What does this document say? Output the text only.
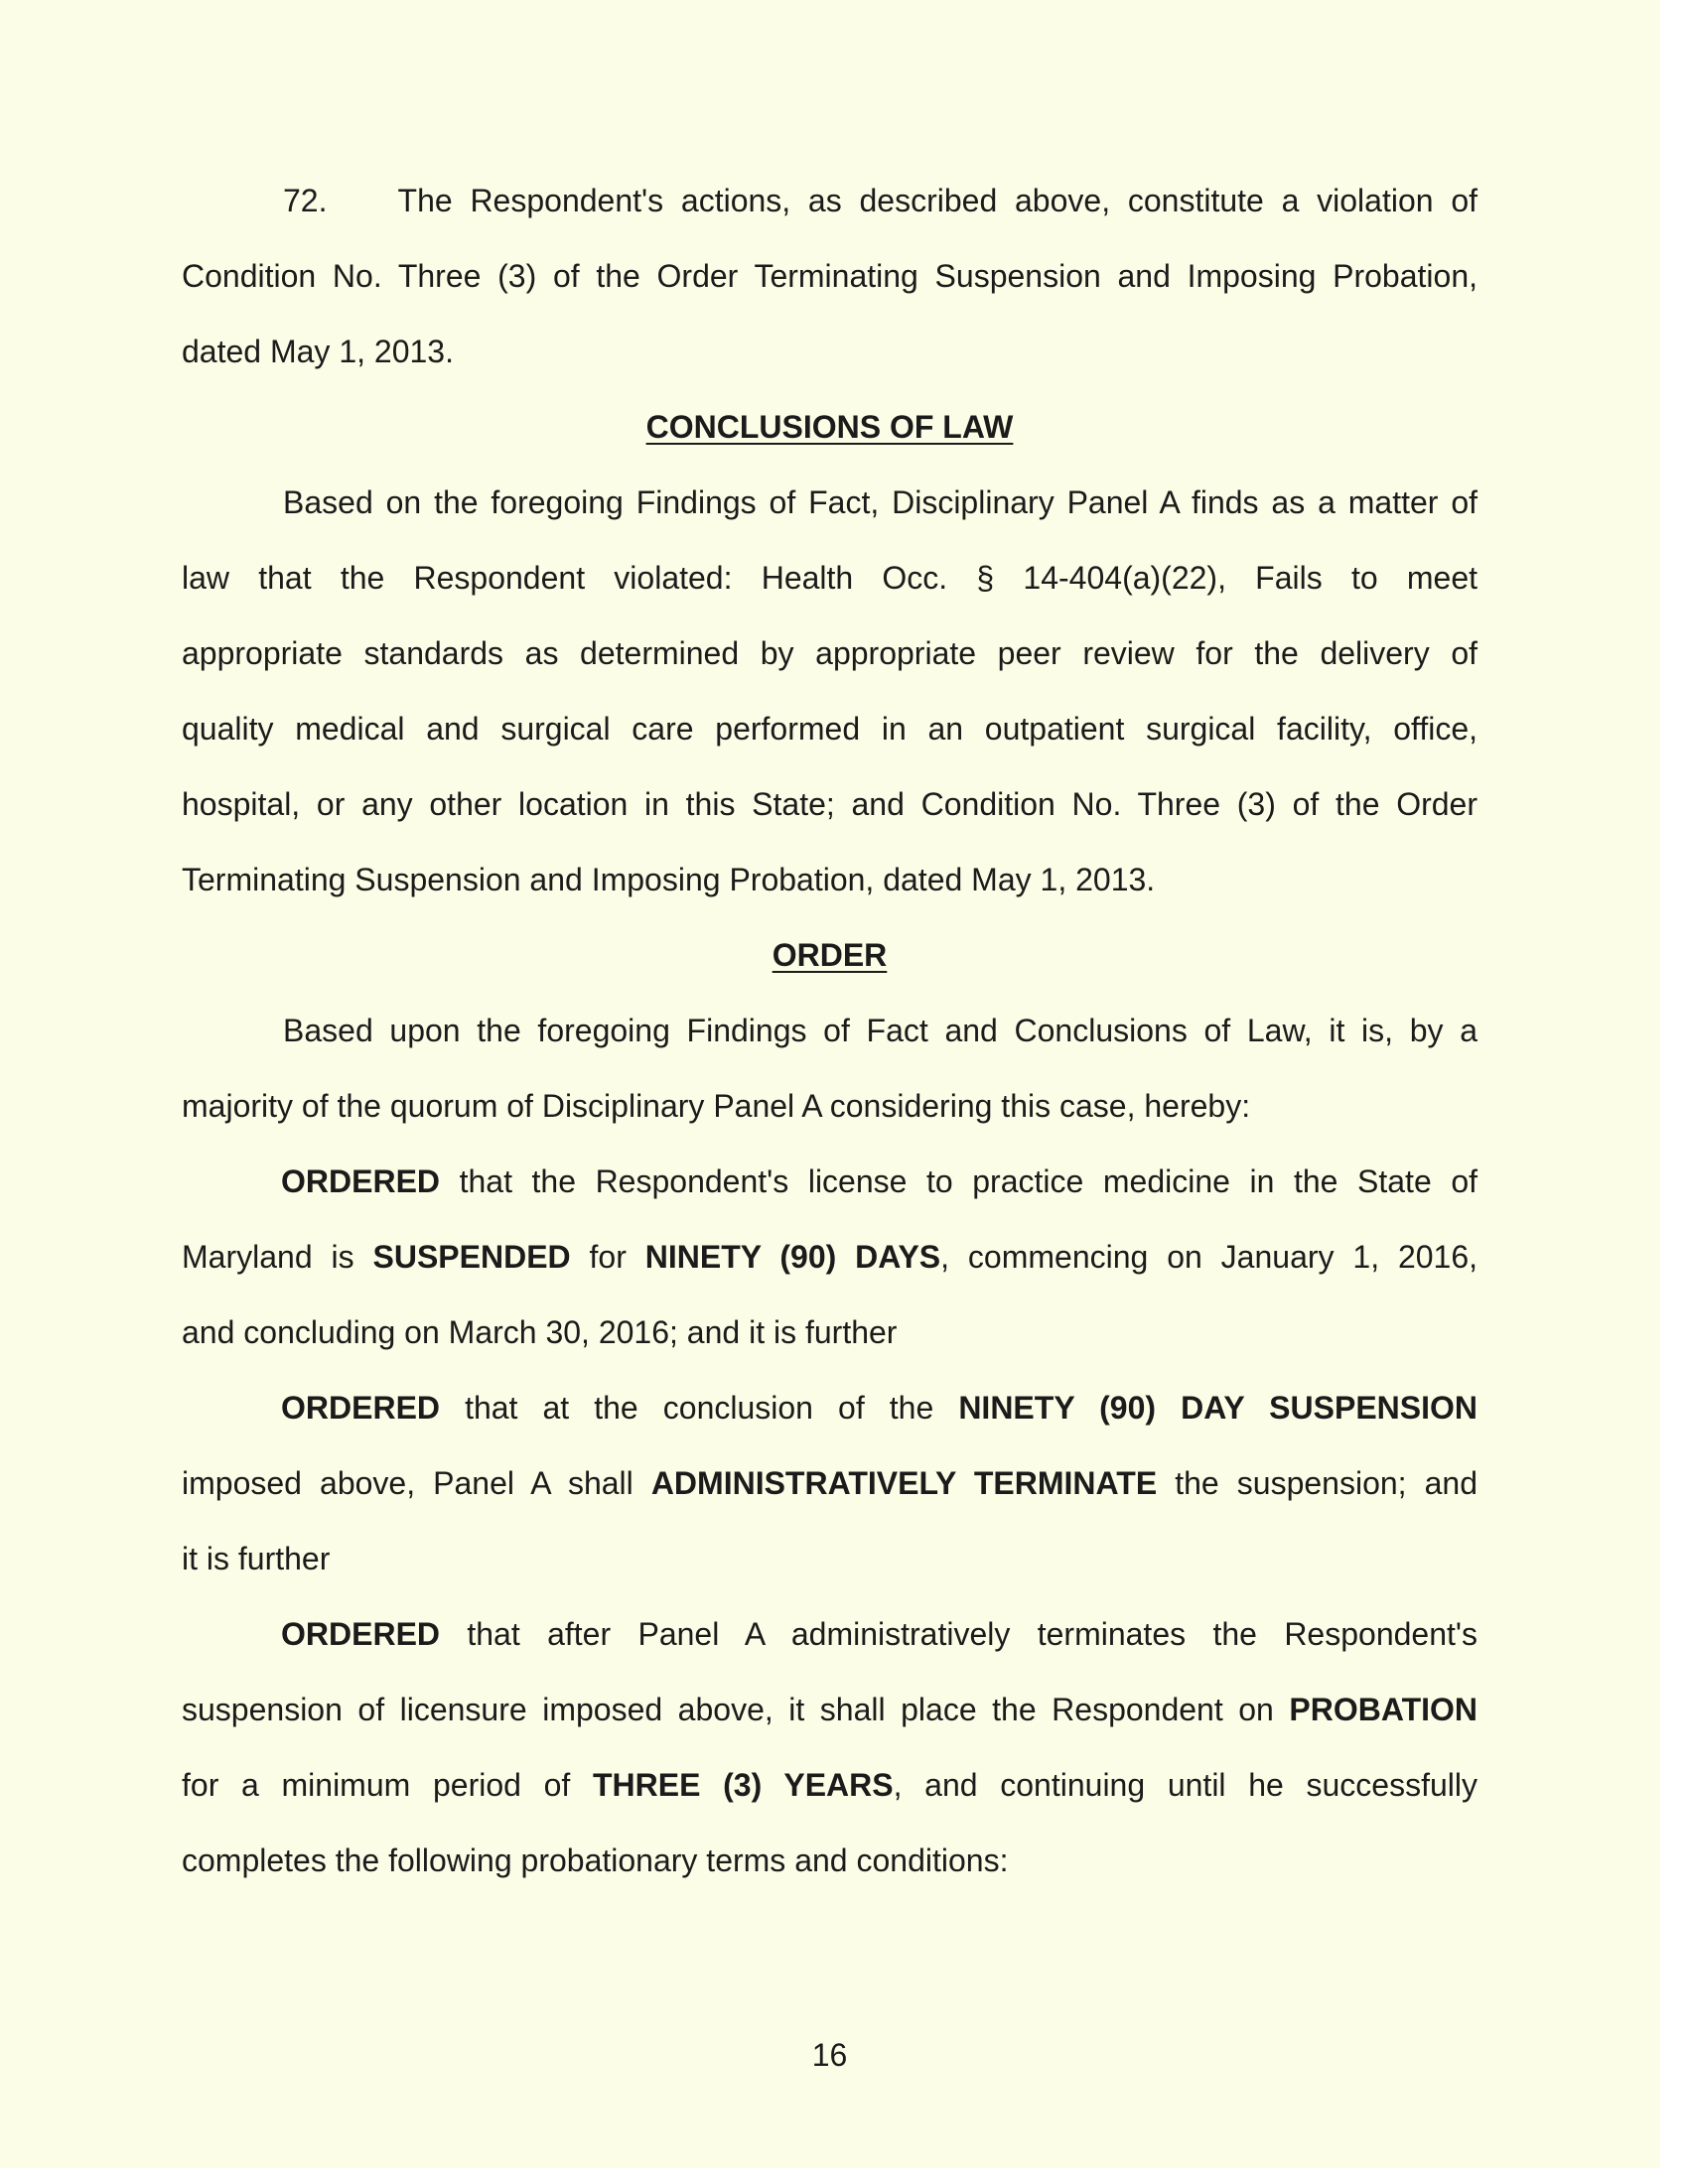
72.    The Respondent's actions, as described above, constitute a violation of

Condition No. Three (3) of the Order Terminating Suspension and Imposing Probation,

dated May 1, 2013.

CONCLUSIONS OF LAW

Based on the foregoing Findings of Fact, Disciplinary Panel A finds as a matter of

law that the Respondent violated: Health Occ. § 14-404(a)(22), Fails to meet

appropriate standards as determined by appropriate peer review for the delivery of

quality medical and surgical care performed in an outpatient surgical facility, office,

hospital, or any other location in this State; and Condition No. Three (3) of the Order

Terminating Suspension and Imposing Probation, dated May 1, 2013.

ORDER

Based upon the foregoing Findings of Fact and Conclusions of Law, it is, by a

majority of the quorum of Disciplinary Panel A considering this case, hereby:

ORDERED that the Respondent's license to practice medicine in the State of

Maryland is SUSPENDED for NINETY (90) DAYS, commencing on January 1, 2016,

and concluding on March 30, 2016; and it is further

ORDERED that at the conclusion of the NINETY (90) DAY SUSPENSION

imposed above, Panel A shall ADMINISTRATIVELY TERMINATE the suspension; and

it is further

ORDERED that after Panel A administratively terminates the Respondent's

suspension of licensure imposed above, it shall place the Respondent on PROBATION

for a minimum period of THREE (3) YEARS, and continuing until he successfully

completes the following probationary terms and conditions:

16
